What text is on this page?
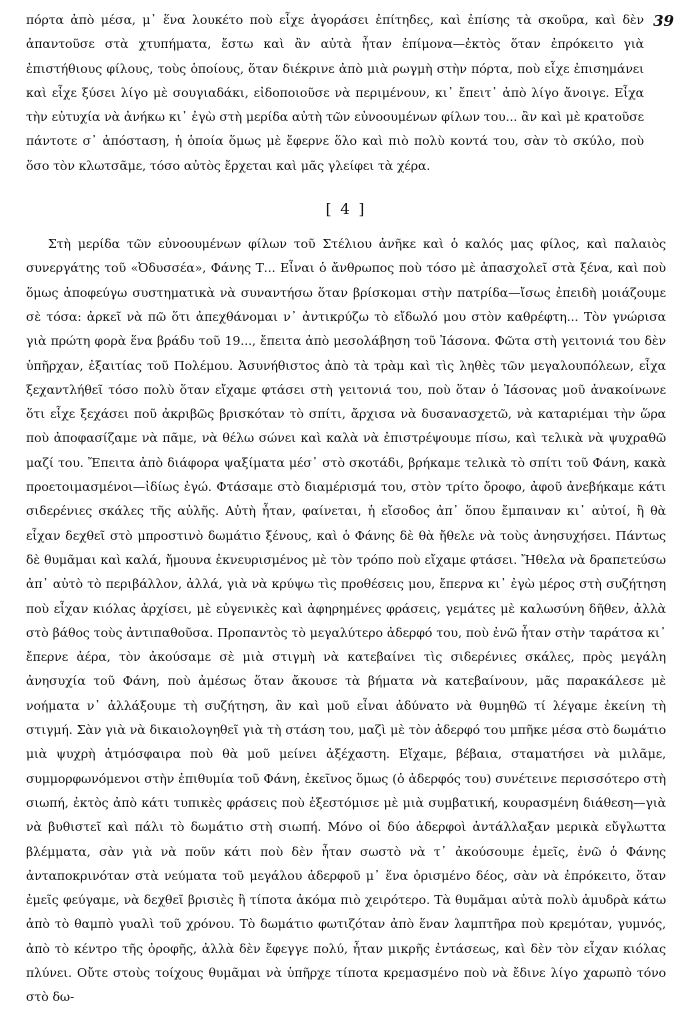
39

πόρτα ἀπὸ μέσα, μ᾽ ἕνα λουκέτο ποὺ εἶχε ἀγοράσει ἐπίτηδες, καὶ ἐπίσης τὰ σκοῦρα, καὶ δὲν ἀπαντοῦσε στὰ χτυπήματα, ἔστω καὶ ἂν αὐτὰ ἦταν ἐπίμονα—ἐκτὸς ὅταν ἐπρόκειτο γιὰ ἐπιστήθιους φίλους, τοὺς ὁποίους, ὅταν διέκρινε ἀπὸ μιὰ ρωγμὴ στὴν πόρτα, ποὺ εἶχε ἐπισημάνει καὶ εἶχε ξύσει λίγο μὲ σουγιαδάκι, εἰδοποιοῦσε νὰ περιμένουν, κι᾽ ἔπειτ᾽ ἀπὸ λίγο ἄνοιγε. Εἶχα τὴν εὐτυχία νὰ ἀνήκω κι᾽ ἐγὼ στὴ μερίδα αὐτὴ τῶν εὐνοουμένων φίλων του... ἂν καὶ μὲ κρατοῦσε πάντοτε σ᾽ ἀπόσταση, ἡ ὁποία ὅμως μὲ ἔφερνε ὅλο καὶ πιὸ πολὺ κοντά του, σὰν τὸ σκύλο, ποὺ ὅσο τὸν κλωτσᾶμε, τόσο αὐτὸς ἔρχεται καὶ μᾶς γλείφει τὰ χέρα.

[ 4 ]

Στὴ μερίδα τῶν εὐνοουμένων φίλων τοῦ Στέλιου ἀνῆκε καὶ ὁ καλός μας φίλος, καὶ παλαιὸς συνεργάτης τοῦ «Ὀδυσσέα», Φάνης Τ... Εἶναι ὁ ἄνθρωπος ποὺ τόσο μὲ ἀπασχολεῖ στὰ ξένα, καὶ ποὺ ὅμως ἀποφεύγω συστηματικὰ νὰ συναντήσω ὅταν βρίσκομαι στὴν πατρίδα—ἴσως ἐπειδὴ μοιάζουμε σὲ τόσα: ἀρκεῖ νὰ πῶ ὅτι ἀπεχθάνομαι ν᾽ ἀντικρύζω τὸ εἴδωλό μου στὸν καθρέφτη... Τὸν γνώρισα γιὰ πρώτη φορὰ ἕνα βράδυ τοῦ 19..., ἔπειτα ἀπὸ μεσολάβηση τοῦ Ἰάσονα. Φῶτα στὴ γειτονιά του δὲν ὑπῆρχαν, ἐξαιτίας τοῦ Πολέμου. Ἀσυνήθιστος ἀπὸ τὰ τρὰμ καὶ τὶς ληθὲς τῶν μεγαλουπόλεων, εἶχα ξεχαντλήθεῖ τόσο πολὺ ὅταν εἴχαμε φτάσει στὴ γειτονιά του, ποὺ ὅταν ὁ Ἰάσονας μοῦ ἀνακοίνωνε ὅτι εἶχε ξεχάσει ποῦ ἀκριβῶς βρισκόταν τὸ σπίτι, ἄρχισα νὰ δυσανασχετῶ, νὰ καταριέμαι τὴν ὥρα ποὺ ἀποφασίζαμε νὰ πᾶμε, νὰ θέλω σώνει καὶ καλὰ νὰ ἐπιστρέψουμε πίσω, καὶ τελικὰ νὰ ψυχραθῶ μαζί του. Ἔπειτα ἀπὸ διάφορα ψαξίματα μέσ᾽ στὸ σκοτάδι, βρήκαμε τελικὰ τὸ σπίτι τοῦ Φάνη, κακὰ προετοιμασμένοι—ἰδίως ἐγώ. Φτάσαμε στὸ διαμέρισμά του, στὸν τρίτο ὄροφο, ἀφοῦ ἀνεβήκαμε κάτι σιδερένιες σκάλες τῆς αὐλῆς. Αὐτὴ ἦταν, φαίνεται, ἡ εἴσοδος ἀπ᾽ ὅπου ἔμπαιναν κι᾽ αὐτοί, ἢ θὰ εἶχαν δεχθεῖ στὸ μπροστινὸ δωμάτιο ξένους, καὶ ὁ Φάνης δὲ θὰ ἤθελε νὰ τοὺς ἀνησυχήσει. Πάντως δὲ θυμᾶμαι καὶ καλά, ἤμουνα ἐκνευρισμένος μὲ τὸν τρόπο ποὺ εἴχαμε φτάσει. Ἤθελα νὰ δραπετεύσω ἀπ᾽ αὐτὸ τὸ περιβάλλον, ἀλλά, γιὰ νὰ κρύψω τὶς προθέσεις μου, ἔπερνα κι᾽ ἐγὼ μέρος στὴ συζήτηση ποὺ εἶχαν κιόλας ἀρχίσει, μὲ εὐγενικὲς καὶ ἀφηρημένες φράσεις, γεμάτες μὲ καλωσύνη δῆθεν, ἀλλὰ στὸ βάθος τοὺς ἀντιπαθοῦσα. Προπαντὸς τὸ μεγαλύτερο ἀδερφό του, ποὺ ἐνῶ ἦταν στὴν ταράτσα κι᾽ ἔπερνε ἀέρα, τὸν ἀκούσαμε σὲ μιὰ στιγμὴ νὰ κατεβαίνει τὶς σιδερένιες σκάλες, πρὸς μεγάλη ἀνησυχία τοῦ Φάνη, ποὺ ἀμέσως ὅταν ἄκουσε τὰ βήματα νὰ κατεβαίνουν, μᾶς παρακάλεσε μὲ νοήματα ν᾽ ἀλλάξουμε τὴ συζήτηση, ἂν καὶ μοῦ εἶναι ἀδύνατο νὰ θυμηθῶ τί λέγαμε ἐκείνη τὴ στιγμή. Σὰν γιὰ νὰ δικαιολογηθεῖ γιὰ τὴ στάση του, μαζὶ μὲ τὸν ἀδερφό του μπῆκε μέσα στὸ δωμάτιο μιὰ ψυχρὴ ἀτμόσφαιρα ποὺ θὰ μοῦ μείνει ἀξέχαστη. Εἴχαμε, βέβαια, σταματήσει νὰ μιλᾶμε, συμμορφωνόμενοι στὴν ἐπιθυμία τοῦ Φάνη, ἐκεῖνος ὅμως (ὁ ἀδερφός του) συνέτεινε περισσότερο στὴ σιωπή, ἐκτὸς ἀπὸ κάτι τυπικὲς φράσεις ποὺ ἐξεστόμισε μὲ μιὰ συμβατική, κουρασμένη διάθεση—γιὰ νὰ βυθιστεῖ καὶ πάλι τὸ δωμάτιο στὴ σιωπή. Μόνο οἱ δύο ἀδερφοὶ ἀντάλλαξαν μερικὰ εὔγλωττα βλέμματα, σὰν γιὰ νὰ ποῦν κάτι ποὺ δὲν ἦταν σωστὸ νὰ τ᾽ ἀκούσουμε ἐμεῖς, ἐνῶ ὁ Φάνης ἀνταποκρινόταν στὰ νεύματα τοῦ μεγάλου ἀδερφοῦ μ᾽ ἕνα ὁρισμένο δέος, σὰν νὰ ἐπρόκειτο, ὅταν ἐμεῖς φεύγαμε, νὰ δεχθεῖ βρισιὲς ἢ τίποτα ἀκόμα πιὸ χειρότερο. Τὰ θυμᾶμαι αὐτὰ πολὺ ἀμυδρὰ κάτω ἀπὸ τὸ θαμπὸ γυαλὶ τοῦ χρόνου. Τὸ δωμάτιο φωτιζόταν ἀπὸ ἕναν λαμπτῆρα ποὺ κρεμόταν, γυμνός, ἀπὸ τὸ κέντρο τῆς ὀροφῆς, ἀλλὰ δὲν ἔφεγγε πολύ, ἦταν μικρῆς ἐντάσεως, καὶ δὲν τὸν εἶχαν κιόλας πλύνει. Οὔτε στοὺς τοίχους θυμᾶμαι νὰ ὑπῆρχε τίποτα κρεμασμένο ποὺ νὰ ἔδινε λίγο χαρωπὸ τόνο στὸ δω-
